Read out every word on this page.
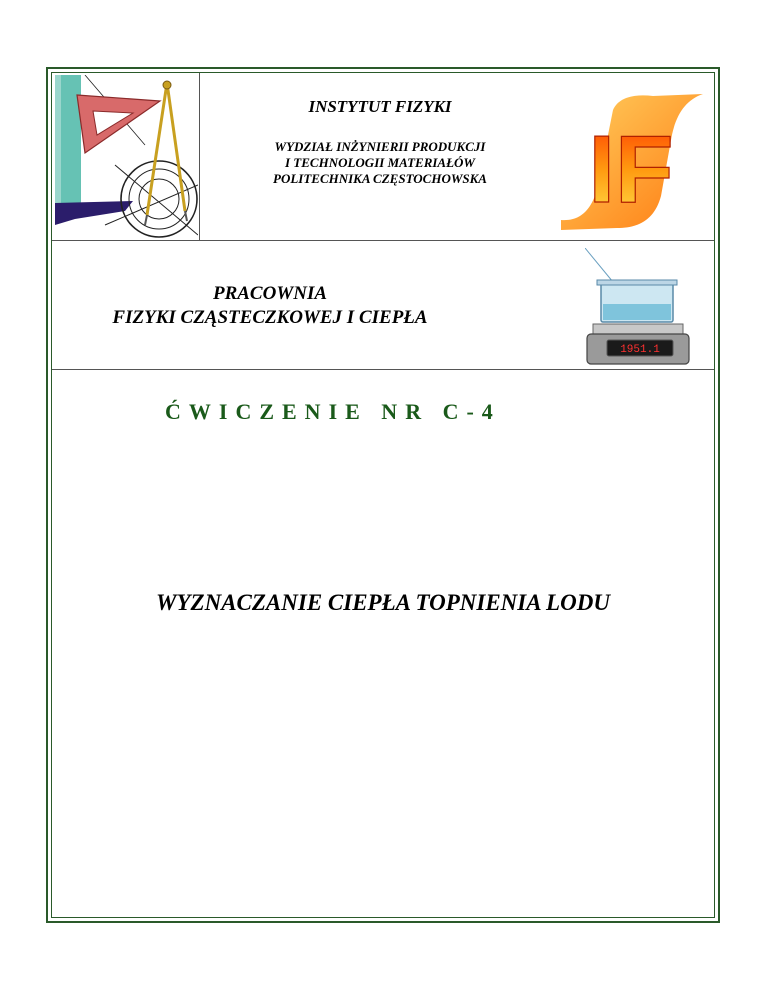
IF
1951.1
INSTYTUT FIZYKI
WYDZIAŁ INŻYNIERII PRODUKCJI
I TECHNOLOGII MATERIAŁÓW
POLITECHNIKA CZĘSTOCHOWSKA
PRACOWNIA
FIZYKI CZĄSTECZKOWEJ I CIEPŁA
ĆWICZENIE NR C-4
WYZNACZANIE CIEPŁA TOPNIENIA LODU
